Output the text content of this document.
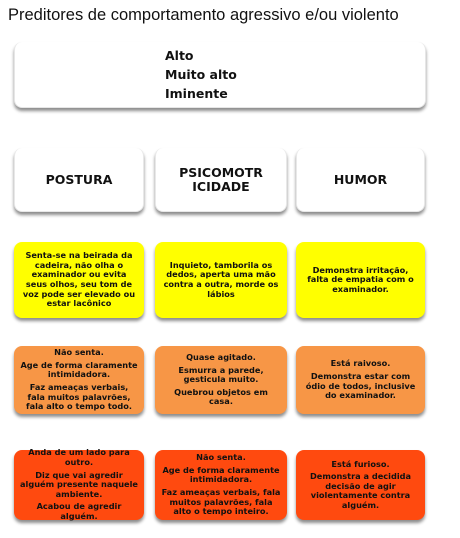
Preditores de comportamento agressivo e/ou violento
Alto
Muito alto
Iminente
POSTURA	PSICOMOTRICIDADE	HUMOR

Senta-se na beirada da cadeira, não olha o examinador ou evita seus olhos, seu tom de voz pode ser elevado ou estar lacônico

Inquieto, tamborila os dedos, aperta uma mão contra a outra, morde os lábios

Demonstra irritação, falta de empatia com o examinador.

Não senta.

Age de forma claramente intimidadora.

Faz ameaças verbais, fala muitos palavrões, fala alto o tempo todo.

Quase agitado.

Esmurra a parede, gesticula muito.

Quebrou objetos em casa.

Está raivoso.

Demonstra estar com ódio de todos, inclusive do examinador.

Anda de um lado para outro.

Diz que vai agredir alguém presente naquele ambiente.

Acabou de agredir alguém.

Não senta.

Age de forma claramente intimidadora.

Faz ameaças verbais, fala muitos palavrões, fala alto o tempo inteiro.

Está furioso.

Demonstra a decidida decisão de agir violentamente contra alguém.
